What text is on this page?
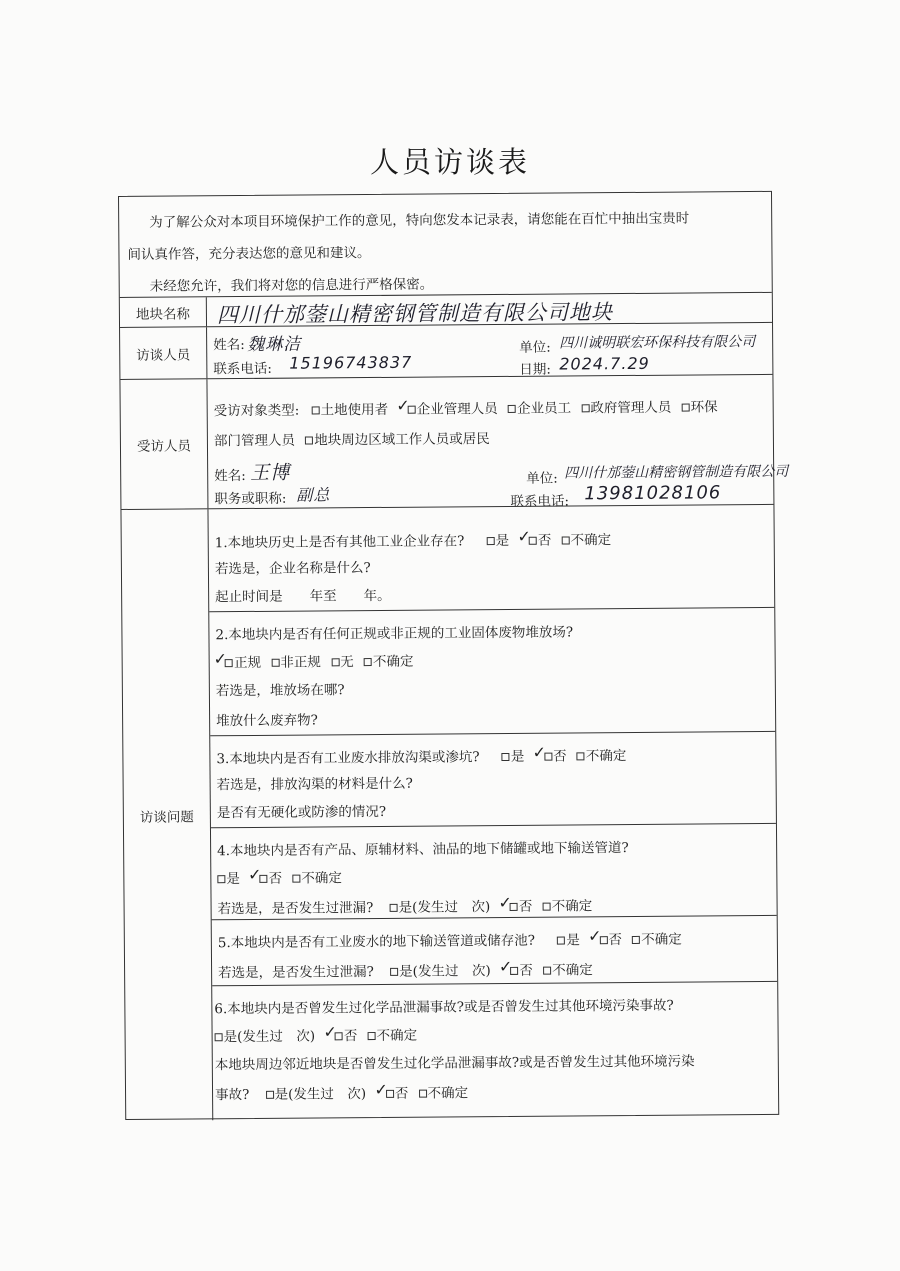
人员访谈表
为了解公众对本项目环境保护工作的意见，特向您发本记录表，请您能在百忙中抽出宝贵时
间认真作答，充分表达您的意见和建议。
未经您允许，我们将对您的信息进行严格保密。
地块名称	四川什邡蓥山精密钢管制造有限公司地块
访谈人员
姓名: 魏琳洁	单位: 四川诚明联宏环保科技有限公司
联系电话: 15196743837	日期: 2024.7.29
受访人员
受访对象类型: 土地使用者 ✓ 企业管理人员 企业员工 政府管理人员 环保
部门管理人员 地块周边区域工作人员或居民
姓名: 王博	单位: 四川什邡蓥山精密钢管制造有限公司
职务或职称: 副总	联系电话: 13981028106
访谈问题
1.本地块历史上是否有其他工业企业存在? 是 ✓ 否 不确定
若选是，企业名称是什么?
起止时间是　　年至　　年。
2.本地块内是否有任何正规或非正规的工业固体废物堆放场?
✓ 正规 非正规 无 不确定
若选是，堆放场在哪?
堆放什么废弃物?
3.本地块内是否有工业废水排放沟渠或渗坑? 是 ✓ 否 不确定
若选是，排放沟渠的材料是什么?
是否有无硬化或防渗的情况?
4.本地块内是否有产品、原辅材料、油品的地下储罐或地下输送管道?
是 ✓ 否 不确定
若选是，是否发生过泄漏? 是(发生过　次) ✓ 否 不确定
5.本地块内是否有工业废水的地下输送管道或储存池? 是 ✓ 否 不确定
若选是，是否发生过泄漏? 是(发生过　次) ✓ 否 不确定
6.本地块内是否曾发生过化学品泄漏事故?或是否曾发生过其他环境污染事故?
是(发生过　次) ✓ 否 不确定
本地块周边邻近地块是否曾发生过化学品泄漏事故?或是否曾发生过其他环境污染
事故? 是(发生过　次) ✓ 否 不确定
